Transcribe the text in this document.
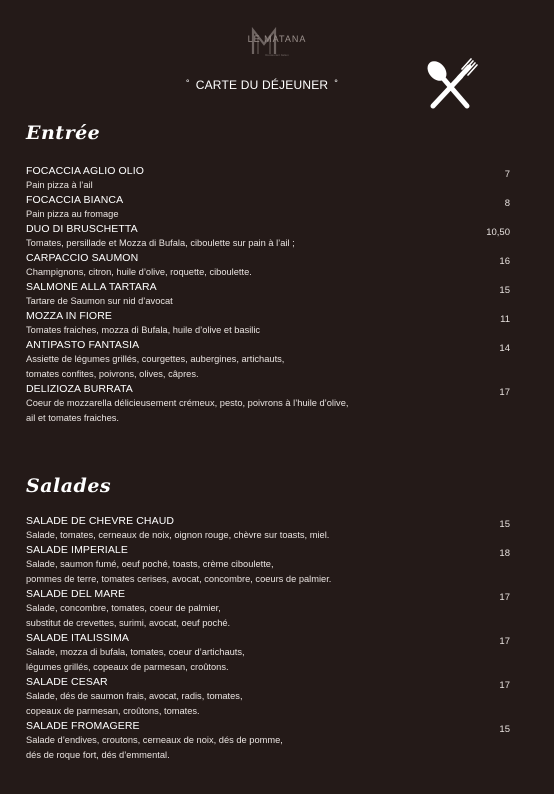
LE MATANA
Restaurant Italien
° CARTE DU DÉJEUNER °
Entrée
FOCACCIA AGLIO OLIO
Pain pizza à l’ail
7
FOCACCIA BIANCA
Pain pizza au fromage
8
DUO DI BRUSCHETTA
Tomates, persillade et Mozza di Bufala, ciboulette sur pain à l’ail ;
10,50
CARPACCIO SAUMON
Champignons, citron, huile d’olive, roquette, ciboulette.
16
SALMONE ALLA TARTARA
Tartare de Saumon sur nid d’avocat
15
MOZZA IN FIORE
Tomates fraiches, mozza di Bufala, huile d’olive et basilic
11
ANTIPASTO FANTASIA
Assiette de légumes grillés, courgettes, aubergines, artichauts,
tomates confites, poivrons, olives, câpres.
14
DELIZIOZA BURRATA
Coeur de mozzarella délicieusement crémeux, pesto, poivrons à l’huile d’olive,
ail et tomates fraiches.
17
Salades
SALADE DE CHEVRE CHAUD
Salade, tomates, cerneaux de noix, oignon rouge, chèvre sur toasts, miel.
15
SALADE IMPERIALE
Salade, saumon fumé, oeuf poché, toasts, crème ciboulette,
pommes de terre, tomates cerises, avocat, concombre, coeurs de palmier.
18
SALADE DEL MARE
Salade, concombre, tomates, coeur de palmier,
substitut de crevettes, surimi, avocat, oeuf poché.
17
SALADE ITALISSIMA
Salade, mozza di bufala, tomates, coeur d’artichauts,
légumes grillés, copeaux de parmesan, croûtons.
17
SALADE CESAR
Salade, dés de saumon frais, avocat, radis, tomates,
copeaux de parmesan, croûtons, tomates.
17
SALADE FROMAGERE
Salade d’endives, croutons, cerneaux de noix, dés de pomme,
dés de roque fort, dés d’emmental.
15
